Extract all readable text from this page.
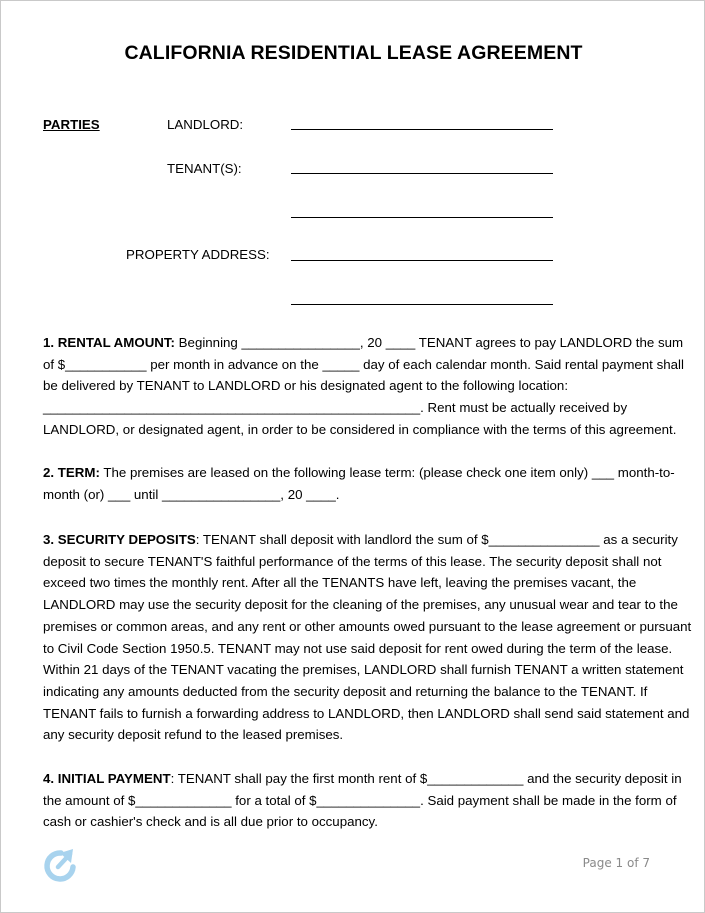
CALIFORNIA RESIDENTIAL LEASE AGREEMENT
PARTIES	LANDLORD:
TENANT(S):
PROPERTY ADDRESS:

1. RENTAL AMOUNT: Beginning ________________, 20 ____ TENANT agrees to pay LANDLORD the sum
of $___________ per month in advance on the _____ day of each calendar month. Said rental payment shall
be delivered by TENANT to LANDLORD or his designated agent to the following location:
___________________________________________________. Rent must be actually received by
LANDLORD, or designated agent, in order to be considered in compliance with the terms of this agreement.

2. TERM: The premises are leased on the following lease term: (please check one item only) ___ month-to-
month (or) ___ until ________________, 20 ____.

3. SECURITY DEPOSITS: TENANT shall deposit with landlord the sum of $_______________ as a security
deposit to secure TENANT'S faithful performance of the terms of this lease. The security deposit shall not
exceed two times the monthly rent. After all the TENANTS have left, leaving the premises vacant, the
LANDLORD may use the security deposit for the cleaning of the premises, any unusual wear and tear to the
premises or common areas, and any rent or other amounts owed pursuant to the lease agreement or pursuant
to Civil Code Section 1950.5. TENANT may not use said deposit for rent owed during the term of the lease.
Within 21 days of the TENANT vacating the premises, LANDLORD shall furnish TENANT a written statement
indicating any amounts deducted from the security deposit and returning the balance to the TENANT. If
TENANT fails to furnish a forwarding address to LANDLORD, then LANDLORD shall send said statement and
any security deposit refund to the leased premises.

4. INITIAL PAYMENT: TENANT shall pay the first month rent of $_____________ and the security deposit in
the amount of $_____________ for a total of $______________. Said payment shall be made in the form of
cash or cashier's check and is all due prior to occupancy.

Page 1 of 7
